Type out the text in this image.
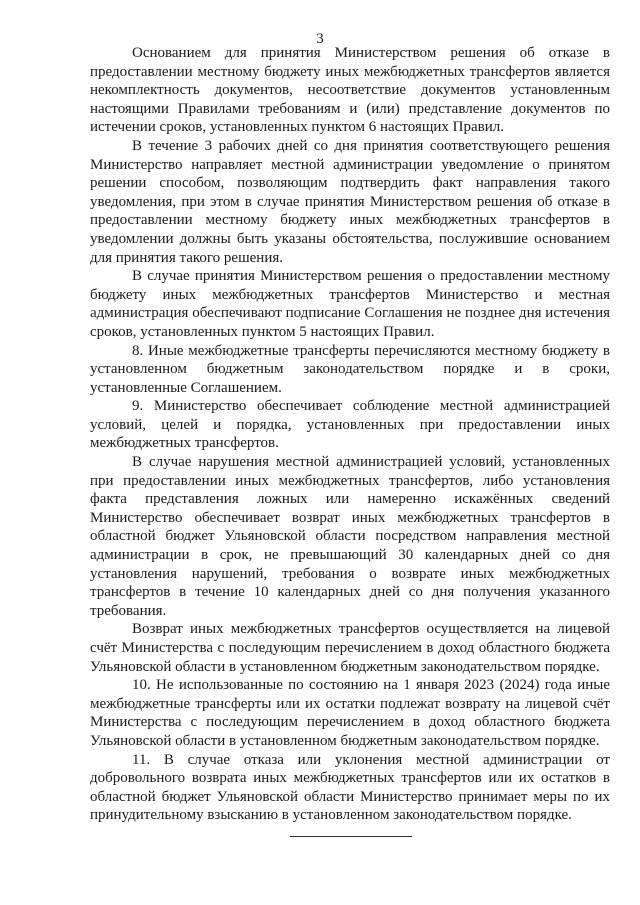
3

Основанием для принятия Министерством решения об отказе в предоставлении местному бюджету иных межбюджетных трансфертов является некомплектность документов, несоответствие документов установленным настоящими Правилами требованиям и (или) представление документов по истечении сроков, установленных пунктом 6 настоящих Правил.

В течение 3 рабочих дней со дня принятия соответствующего решения Министерство направляет местной администрации уведомление о принятом решении способом, позволяющим подтвердить факт направления такого уведомления, при этом в случае принятия Министерством решения об отказе в предоставлении местному бюджету иных межбюджетных трансфертов в уведомлении должны быть указаны обстоятельства, послужившие основанием для принятия такого решения.

В случае принятия Министерством решения о предоставлении местному бюджету иных межбюджетных трансфертов Министерство и местная администрация обеспечивают подписание Соглашения не позднее дня истечения сроков, установленных пунктом 5 настоящих Правил.

8. Иные межбюджетные трансферты перечисляются местному бюджету в установленном бюджетным законодательством порядке и в сроки, установленные Соглашением.

9. Министерство обеспечивает соблюдение местной администрацией условий, целей и порядка, установленных при предоставлении иных межбюджетных трансфертов.

В случае нарушения местной администрацией условий, установленных при предоставлении иных межбюджетных трансфертов, либо установления факта представления ложных или намеренно искажённых сведений Министерство обеспечивает возврат иных межбюджетных трансфертов в областной бюджет Ульяновской области посредством направления местной администрации в срок, не превышающий 30 календарных дней со дня установления нарушений, требования о возврате иных межбюджетных трансфертов в течение 10 календарных дней со дня получения указанного требования.

Возврат иных межбюджетных трансфертов осуществляется на лицевой счёт Министерства с последующим перечислением в доход областного бюджета Ульяновской области в установленном бюджетным законодательством порядке.

10. Не использованные по состоянию на 1 января 2023 (2024) года иные межбюджетные трансферты или их остатки подлежат возврату на лицевой счёт Министерства с последующим перечислением в доход областного бюджета Ульяновской области в установленном бюджетным законодательством порядке.

11. В случае отказа или уклонения местной администрации от добровольного возврата иных межбюджетных трансфертов или их остатков в областной бюджет Ульяновской области Министерство принимает меры по их принудительному взысканию в установленном законодательством порядке.
